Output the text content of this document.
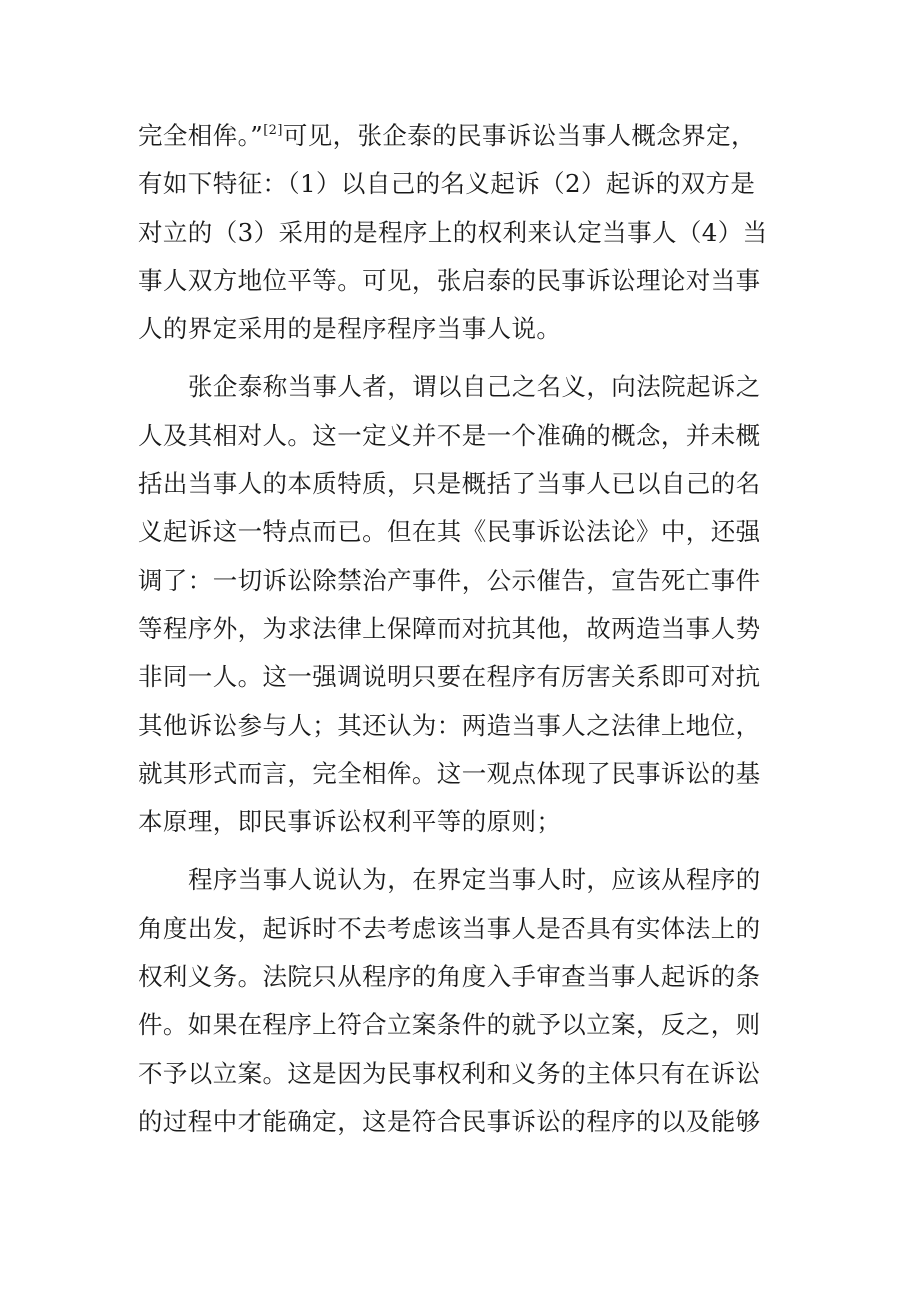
完全相侔。”[2]可见，张企泰的民事诉讼当事人概念界定，
有如下特征：（1）以自己的名义起诉（2）起诉的双方是
对立的（3）采用的是程序上的权利来认定当事人（4）当
事人双方地位平等。可见，张启泰的民事诉讼理论对当事
人的界定采用的是程序程序当事人说。
张企泰称当事人者，谓以自己之名义，向法院起诉之
人及其相对人。这一定义并不是一个准确的概念，并未概
括出当事人的本质特质，只是概括了当事人已以自己的名
义起诉这一特点而已。但在其《民事诉讼法论》中，还强
调了：一切诉讼除禁治产事件，公示催告，宣告死亡事件
等程序外，为求法律上保障而对抗其他，故两造当事人势
非同一人。这一强调说明只要在程序有厉害关系即可对抗
其他诉讼参与人；其还认为：两造当事人之法律上地位，
就其形式而言，完全相侔。这一观点体现了民事诉讼的基
本原理，即民事诉讼权利平等的原则；
程序当事人说认为，在界定当事人时，应该从程序的
角度出发，起诉时不去考虑该当事人是否具有实体法上的
权利义务。法院只从程序的角度入手审查当事人起诉的条
件。如果在程序上符合立案条件的就予以立案，反之，则
不予以立案。这是因为民事权利和义务的主体只有在诉讼
的过程中才能确定，这是符合民事诉讼的程序的以及能够
